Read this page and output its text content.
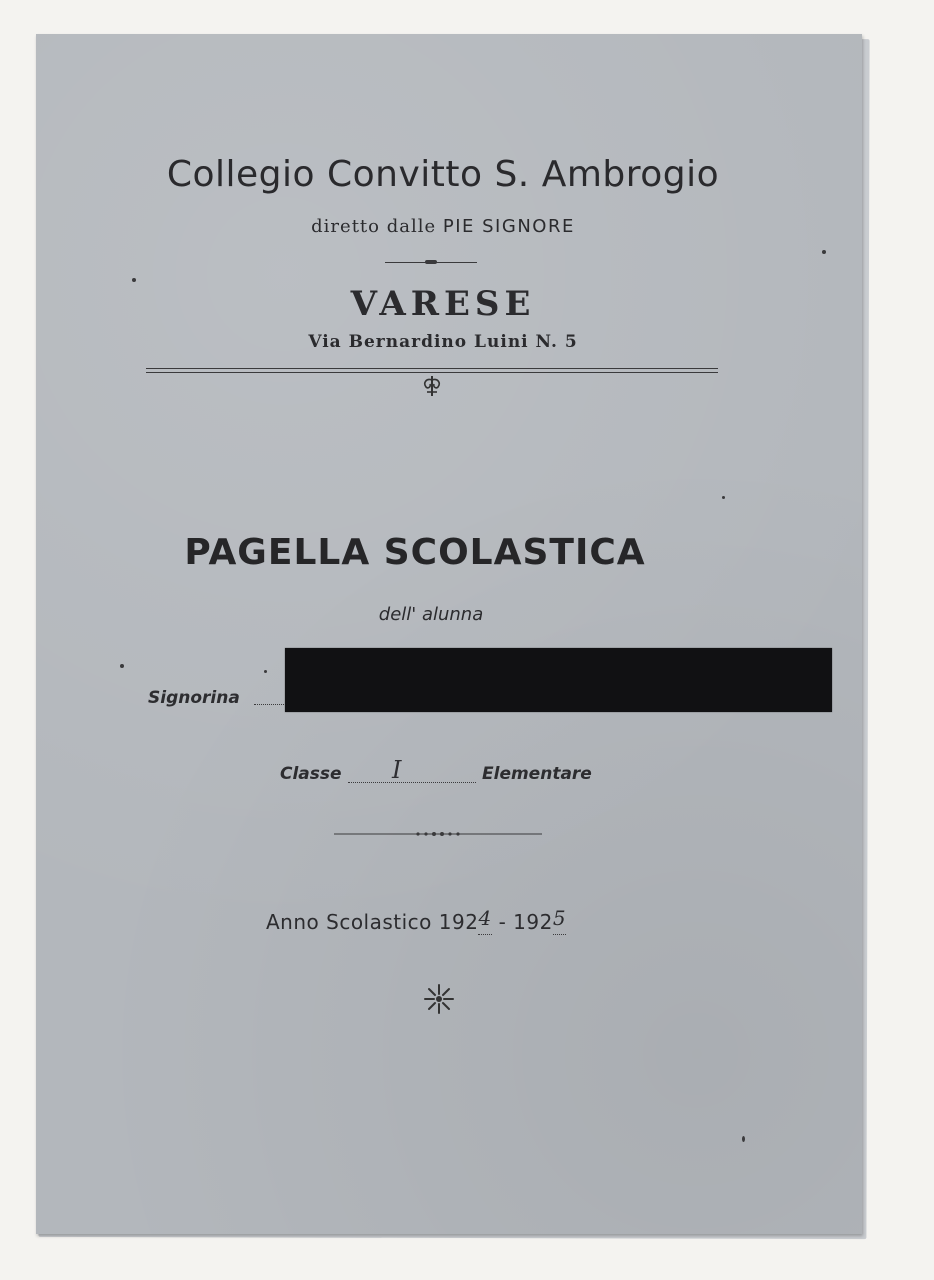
Collegio Convitto S. Ambrogio
diretto dalle PIE SIGNORE
VARESE
Via Bernardino Luini N. 5
PAGELLA SCOLASTICA
dell' alunna
Signorina
Classe I	Elementare
Anno Scolastico 1924 - 1925
